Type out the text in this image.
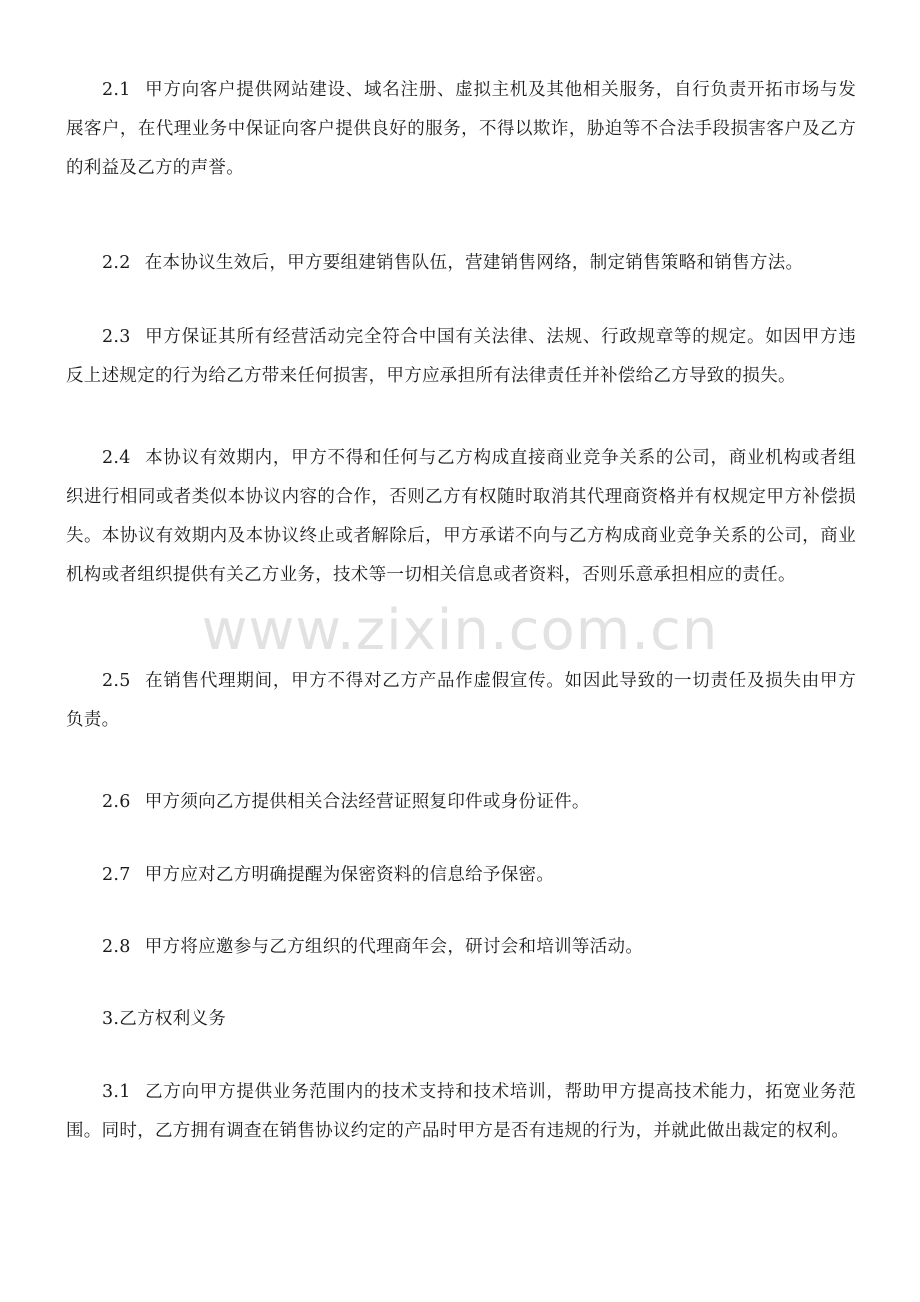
2.1 甲方向客户提供网站建设、域名注册、虚拟主机及其他相关服务，自行负责开拓市场与发展客户，在代理业务中保证向客户提供良好的服务，不得以欺诈，胁迫等不合法手段损害客户及乙方的利益及乙方的声誉。

2.2 在本协议生效后，甲方要组建销售队伍，营建销售网络，制定销售策略和销售方法。

2.3 甲方保证其所有经营活动完全符合中国有关法律、法规、行政规章等的规定。如因甲方违反上述规定的行为给乙方带来任何损害，甲方应承担所有法律责任并补偿给乙方导致的损失。

2.4 本协议有效期内，甲方不得和任何与乙方构成直接商业竞争关系的公司，商业机构或者组织进行相同或者类似本协议内容的合作，否则乙方有权随时取消其代理商资格并有权规定甲方补偿损失。本协议有效期内及本协议终止或者解除后，甲方承诺不向与乙方构成商业竞争关系的公司，商业机构或者组织提供有关乙方业务，技术等一切相关信息或者资料，否则乐意承担相应的责任。

2.5 在销售代理期间，甲方不得对乙方产品作虚假宣传。如因此导致的一切责任及损失由甲方负责。

2.6 甲方须向乙方提供相关合法经营证照复印件或身份证件。

2.7 甲方应对乙方明确提醒为保密资料的信息给予保密。

2.8 甲方将应邀参与乙方组织的代理商年会，研讨会和培训等活动。

3.乙方权利义务

3.1 乙方向甲方提供业务范围内的技术支持和技术培训，帮助甲方提高技术能力，拓宽业务范围。同时，乙方拥有调查在销售协议约定的产品时甲方是否有违规的行为，并就此做出裁定的权利。

www.zixin.com.cn
